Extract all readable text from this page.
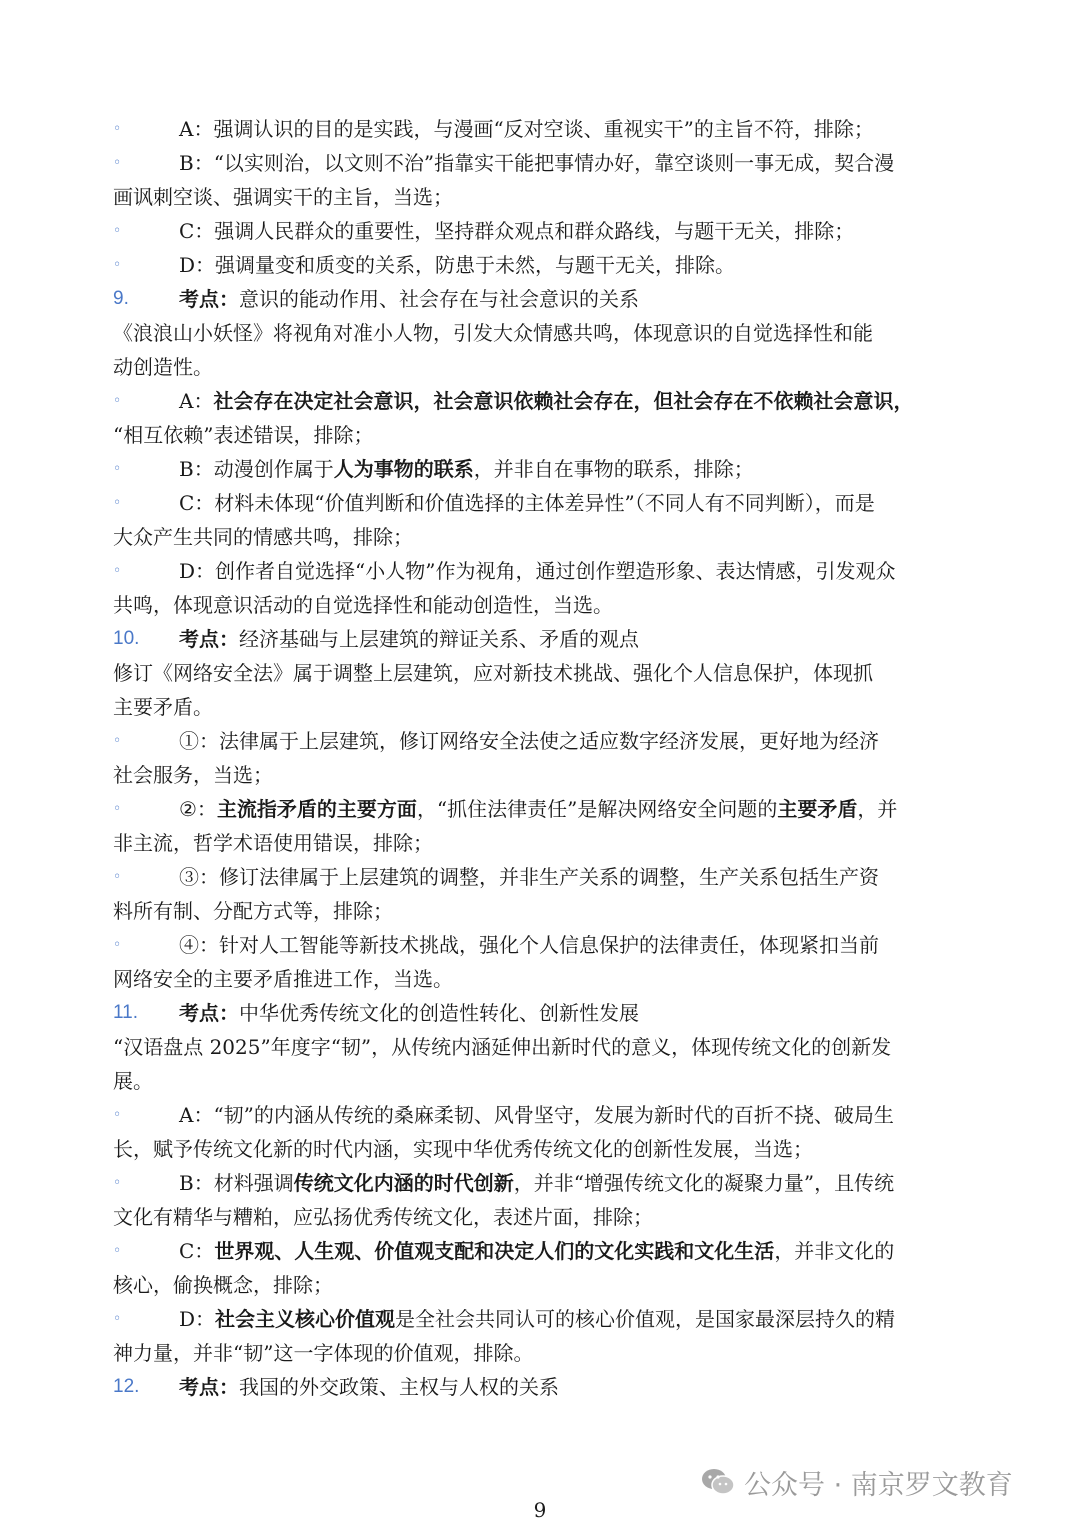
◦	A：强调认识的目的是实践，与漫画“反对空谈、重视实干”的主旨不符，排除；
◦	B：“以实则治，以文则不治”指靠实干能把事情办好，靠空谈则一事无成，契合漫
画讽刺空谈、强调实干的主旨，当选；
◦	C：强调人民群众的重要性，坚持群众观点和群众路线，与题干无关，排除；
◦	D：强调量变和质变的关系，防患于未然，与题干无关，排除。
9.	考点：意识的能动作用、社会存在与社会意识的关系
《浪浪山小妖怪》将视角对准小人物，引发大众情感共鸣，体现意识的自觉选择性和能
动创造性。
◦	A：社会存在决定社会意识，社会意识依赖社会存在，但社会存在不依赖社会意识，
“相互依赖”表述错误，排除；
◦	B：动漫创作属于人为事物的联系，并非自在事物的联系，排除；
◦	C：材料未体现“价值判断和价值选择的主体差异性”（不同人有不同判断），而是
大众产生共同的情感共鸣，排除；
◦	D：创作者自觉选择“小人物”作为视角，通过创作塑造形象、表达情感，引发观众
共鸣，体现意识活动的自觉选择性和能动创造性，当选。
10. 考点：经济基础与上层建筑的辩证关系、矛盾的观点
修订《网络安全法》属于调整上层建筑，应对新技术挑战、强化个人信息保护，体现抓
主要矛盾。
◦	①：法律属于上层建筑，修订网络安全法使之适应数字经济发展，更好地为经济
社会服务，当选；
◦	②：主流指矛盾的主要方面，“抓住法律责任”是解决网络安全问题的主要矛盾，并
非主流，哲学术语使用错误，排除；
◦	③：修订法律属于上层建筑的调整，并非生产关系的调整，生产关系包括生产资
料所有制、分配方式等，排除；
◦	④：针对人工智能等新技术挑战，强化个人信息保护的法律责任，体现紧扣当前
网络安全的主要矛盾推进工作，当选。
11. 考点：中华优秀传统文化的创造性转化、创新性发展
“汉语盘点 2025”年度字“韧”，从传统内涵延伸出新时代的意义，体现传统文化的创新发
展。
◦	A：“韧”的内涵从传统的桑麻柔韧、风骨坚守，发展为新时代的百折不挠、破局生
长，赋予传统文化新的时代内涵，实现中华优秀传统文化的创新性发展，当选；
◦	B：材料强调传统文化内涵的时代创新，并非“增强传统文化的凝聚力量”，且传统
文化有精华与糟粕，应弘扬优秀传统文化，表述片面，排除；
◦	C：世界观、人生观、价值观支配和决定人们的文化实践和文化生活，并非文化的
核心，偷换概念，排除；
◦	D：社会主义核心价值观是全社会共同认可的核心价值观，是国家最深层持久的精
神力量，并非“韧”这一字体现的价值观，排除。
12. 考点：我国的外交政策、主权与人权的关系
公众号 · 南京罗文教育
9
